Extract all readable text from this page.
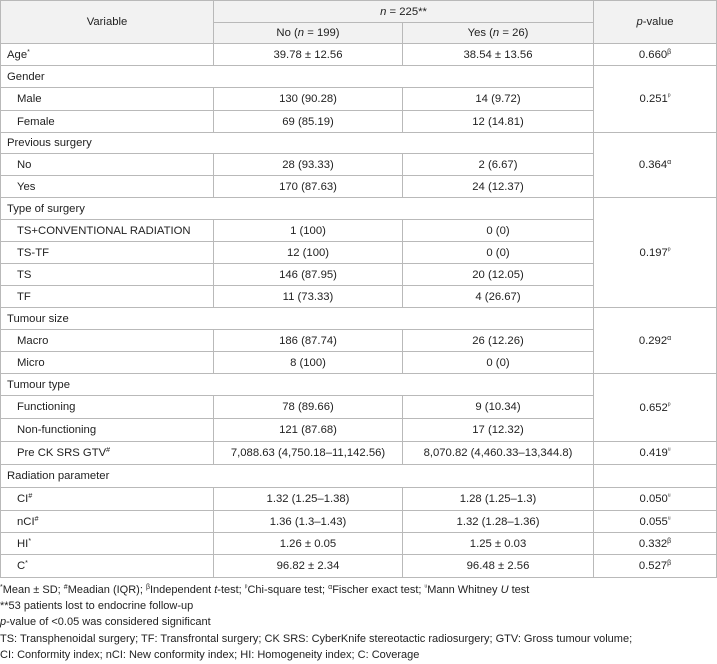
Variable	n = 225**		p-value
	No (n = 199)	Yes (n = 26)	
Age*	39.78 ± 12.56	38.54 ± 13.56	$0.660^\beta$
Gender			$0.251^ᵖ$
Male	130 (90.28)	14 (9.72)	
Female	69 (85.19)	12 (14.81)	
Previous surgery			$0.364^\alpha$
No	28 (93.33)	2 (6.67)	
Yes	170 (87.63)	24 (12.37)	
Type of surgery			$0.197^ᵖ$
TS+CONVENTIONAL RADIATION	1 (100)	0 (0)	
TS-TF	12 (100)	0 (0)	
TS	146 (87.95)	20 (12.05)	
TF	11 (73.33)	4 (26.67)	
Tumour size			$0.292^\alpha$
Macro	186 (87.74)	26 (12.26)	
Micro	8 (100)	0 (0)	
Tumour type			$0.652^ᵖ$
Functioning	78 (89.66)	9 (10.34)	
Non-functioning	121 (87.68)	17 (12.32)	
Pre CK SRS GTV#	7,088.63 (4,750.18–11,142.56)	8,070.82 (4,460.33–13,344.8)	$0.419^ᵘ$
Radiation parameter			
CI#	1.32 (1.25–1.38)	1.28 (1.25–1.3)	$0.050^ᵘ$
nCI#	1.36 (1.3–1.43)	1.32 (1.28–1.36)	$0.055^ᵘ$
HI*	1.26 ± 0.05	1.25 ± 0.03	$0.332^\beta$
C*	96.82 ± 2.34	96.48 ± 2.56	$0.527^\beta$
*Mean ± SD; #Meadian (IQR); $^\beta$Independent t-test; $^ᵖ$Chi-square test; $^\alpha$Fischer exact test; $^ᵘ$Mann Whitney U test
**53 patients lost to endocrine follow-up
p-value of <0.05 was considered significant
TS: Transphenoidal surgery; TF: Transfrontal surgery; CK SRS: CyberKnife stereotactic radiosurgery; GTV: Gross tumour volume;
CI: Conformity index; nCI: New conformity index; HI: Homogeneity index; C: Coverage
